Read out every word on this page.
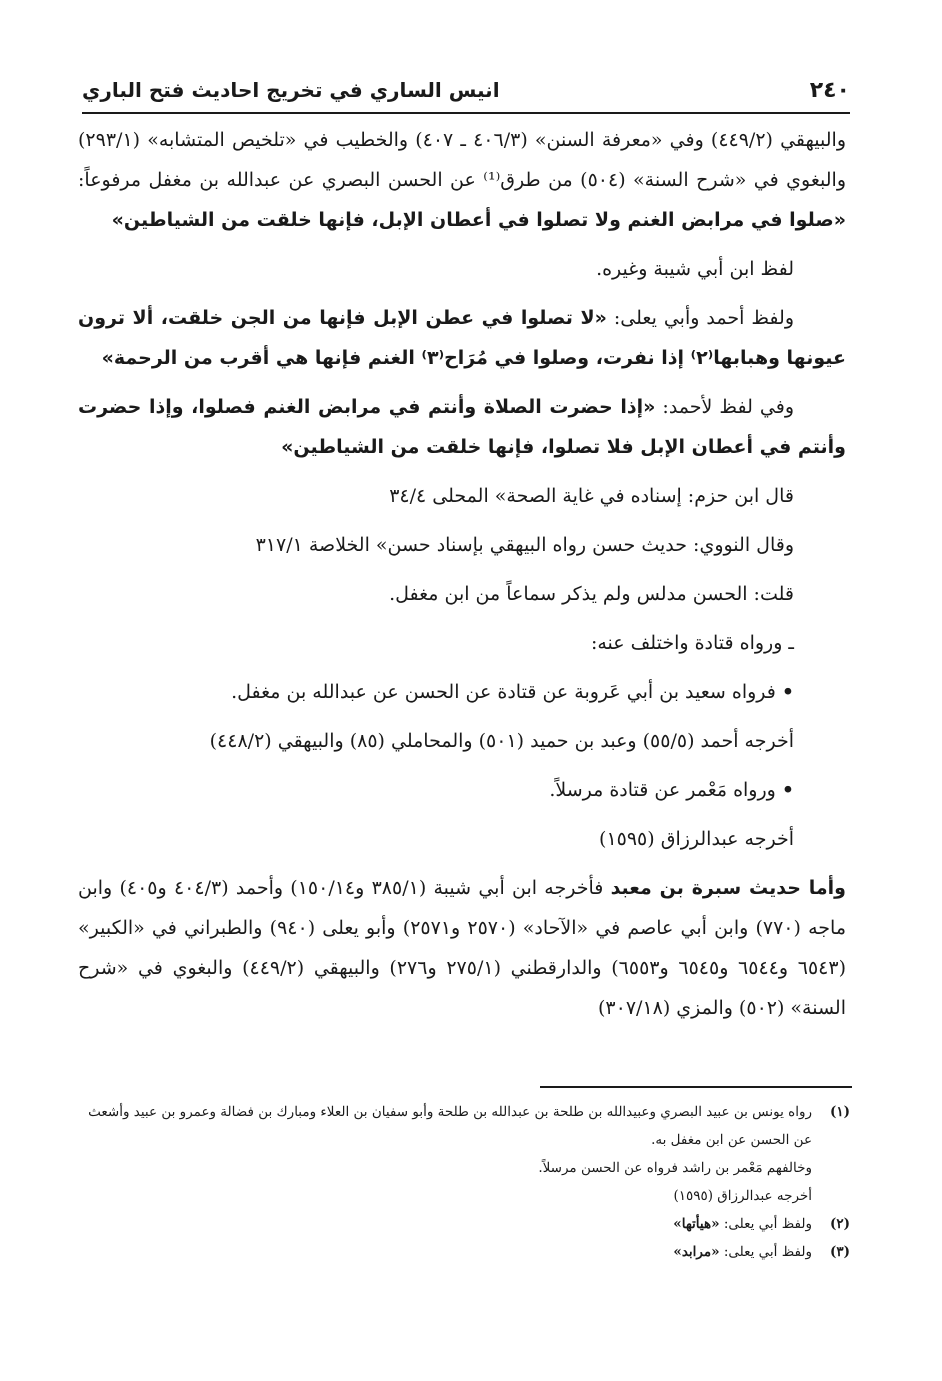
٢٤٠
انيس الساري في تخريج احاديث فتح الباري

والبيهقي (٤٤٩/٢) وفي «معرفة السنن» (٤٠٦/٣ ـ ٤٠٧) والخطيب في «تلخيص المتشابه» (٢٩٣/١) والبغوي في «شرح السنة» (٥٠٤) من طرق⁽¹⁾ عن الحسن البصري عن عبدالله بن مغفل مرفوعاً: «صلوا في مرابض الغنم ولا تصلوا في أعطان الإبل، فإنها خلقت من الشياطين»

لفظ ابن أبي شيبة وغيره.

ولفظ أحمد وأبي يعلى: «لا تصلوا في عطن الإبل فإنها من الجن خلقت، ألا ترون عيونها وهبابها⁽٢⁾ إذا نفرت، وصلوا في مُرَاح⁽٣⁾ الغنم فإنها هي أقرب من الرحمة»

وفي لفظ لأحمد: «إذا حضرت الصلاة وأنتم في مرابض الغنم فصلوا، وإذا حضرت وأنتم في أعطان الإبل فلا تصلوا، فإنها خلقت من الشياطين»

قال ابن حزم: إسناده في غاية الصحة» المحلى ٣٤/٤

وقال النووي: حديث حسن رواه البيهقي بإسناد حسن» الخلاصة ٣١٧/١

قلت: الحسن مدلس ولم يذكر سماعاً من ابن مغفل.

ـ ورواه قتادة واختلف عنه:

•فرواه سعيد بن أبي عَروبة عن قتادة عن الحسن عن عبدالله بن مغفل.

أخرجه أحمد (٥٥/٥) وعبد بن حميد (٥٠١) والمحاملي (٨٥) والبيهقي (٤٤٨/٢)

•ورواه مَعْمر عن قتادة مرسلاً.

أخرجه عبدالرزاق (١٥٩٥)

وأما حديث سبرة بن معبد فأخرجه ابن أبي شيبة (٣٨٥/١ و١٥٠/١٤) وأحمد (٤٠٤/٣ و٤٠٥) وابن ماجه (٧٧٠) وابن أبي عاصم في «الآحاد» (٢٥٧٠ و٢٥٧١) وأبو يعلى (٩٤٠) والطبراني في «الكبير» (٦٥٤٣ و٦٥٤٤ و٦٥٤٥ و٦٥٥٣) والدارقطني (٢٧٥/١ و٢٧٦) والبيهقي (٤٤٩/٢) والبغوي في «شرح السنة» (٥٠٢) والمزي (٣٠٧/١٨)

(١)

رواه يونس بن عبيد البصري وعبيدالله بن طلحة بن عبدالله بن طلحة وأبو سفيان بن العلاء ومبارك بن فضالة وعمرو بن عبيد وأشعث عن الحسن عن ابن مغفل به.

وخالفهم مَعْمر بن راشد فرواه عن الحسن مرسلاً.

أخرجه عبدالرزاق (١٥٩٥)

(٢)

ولفظ أبي يعلى: «هيأتها»

(٣)

ولفظ أبي يعلى: «مرابد»
